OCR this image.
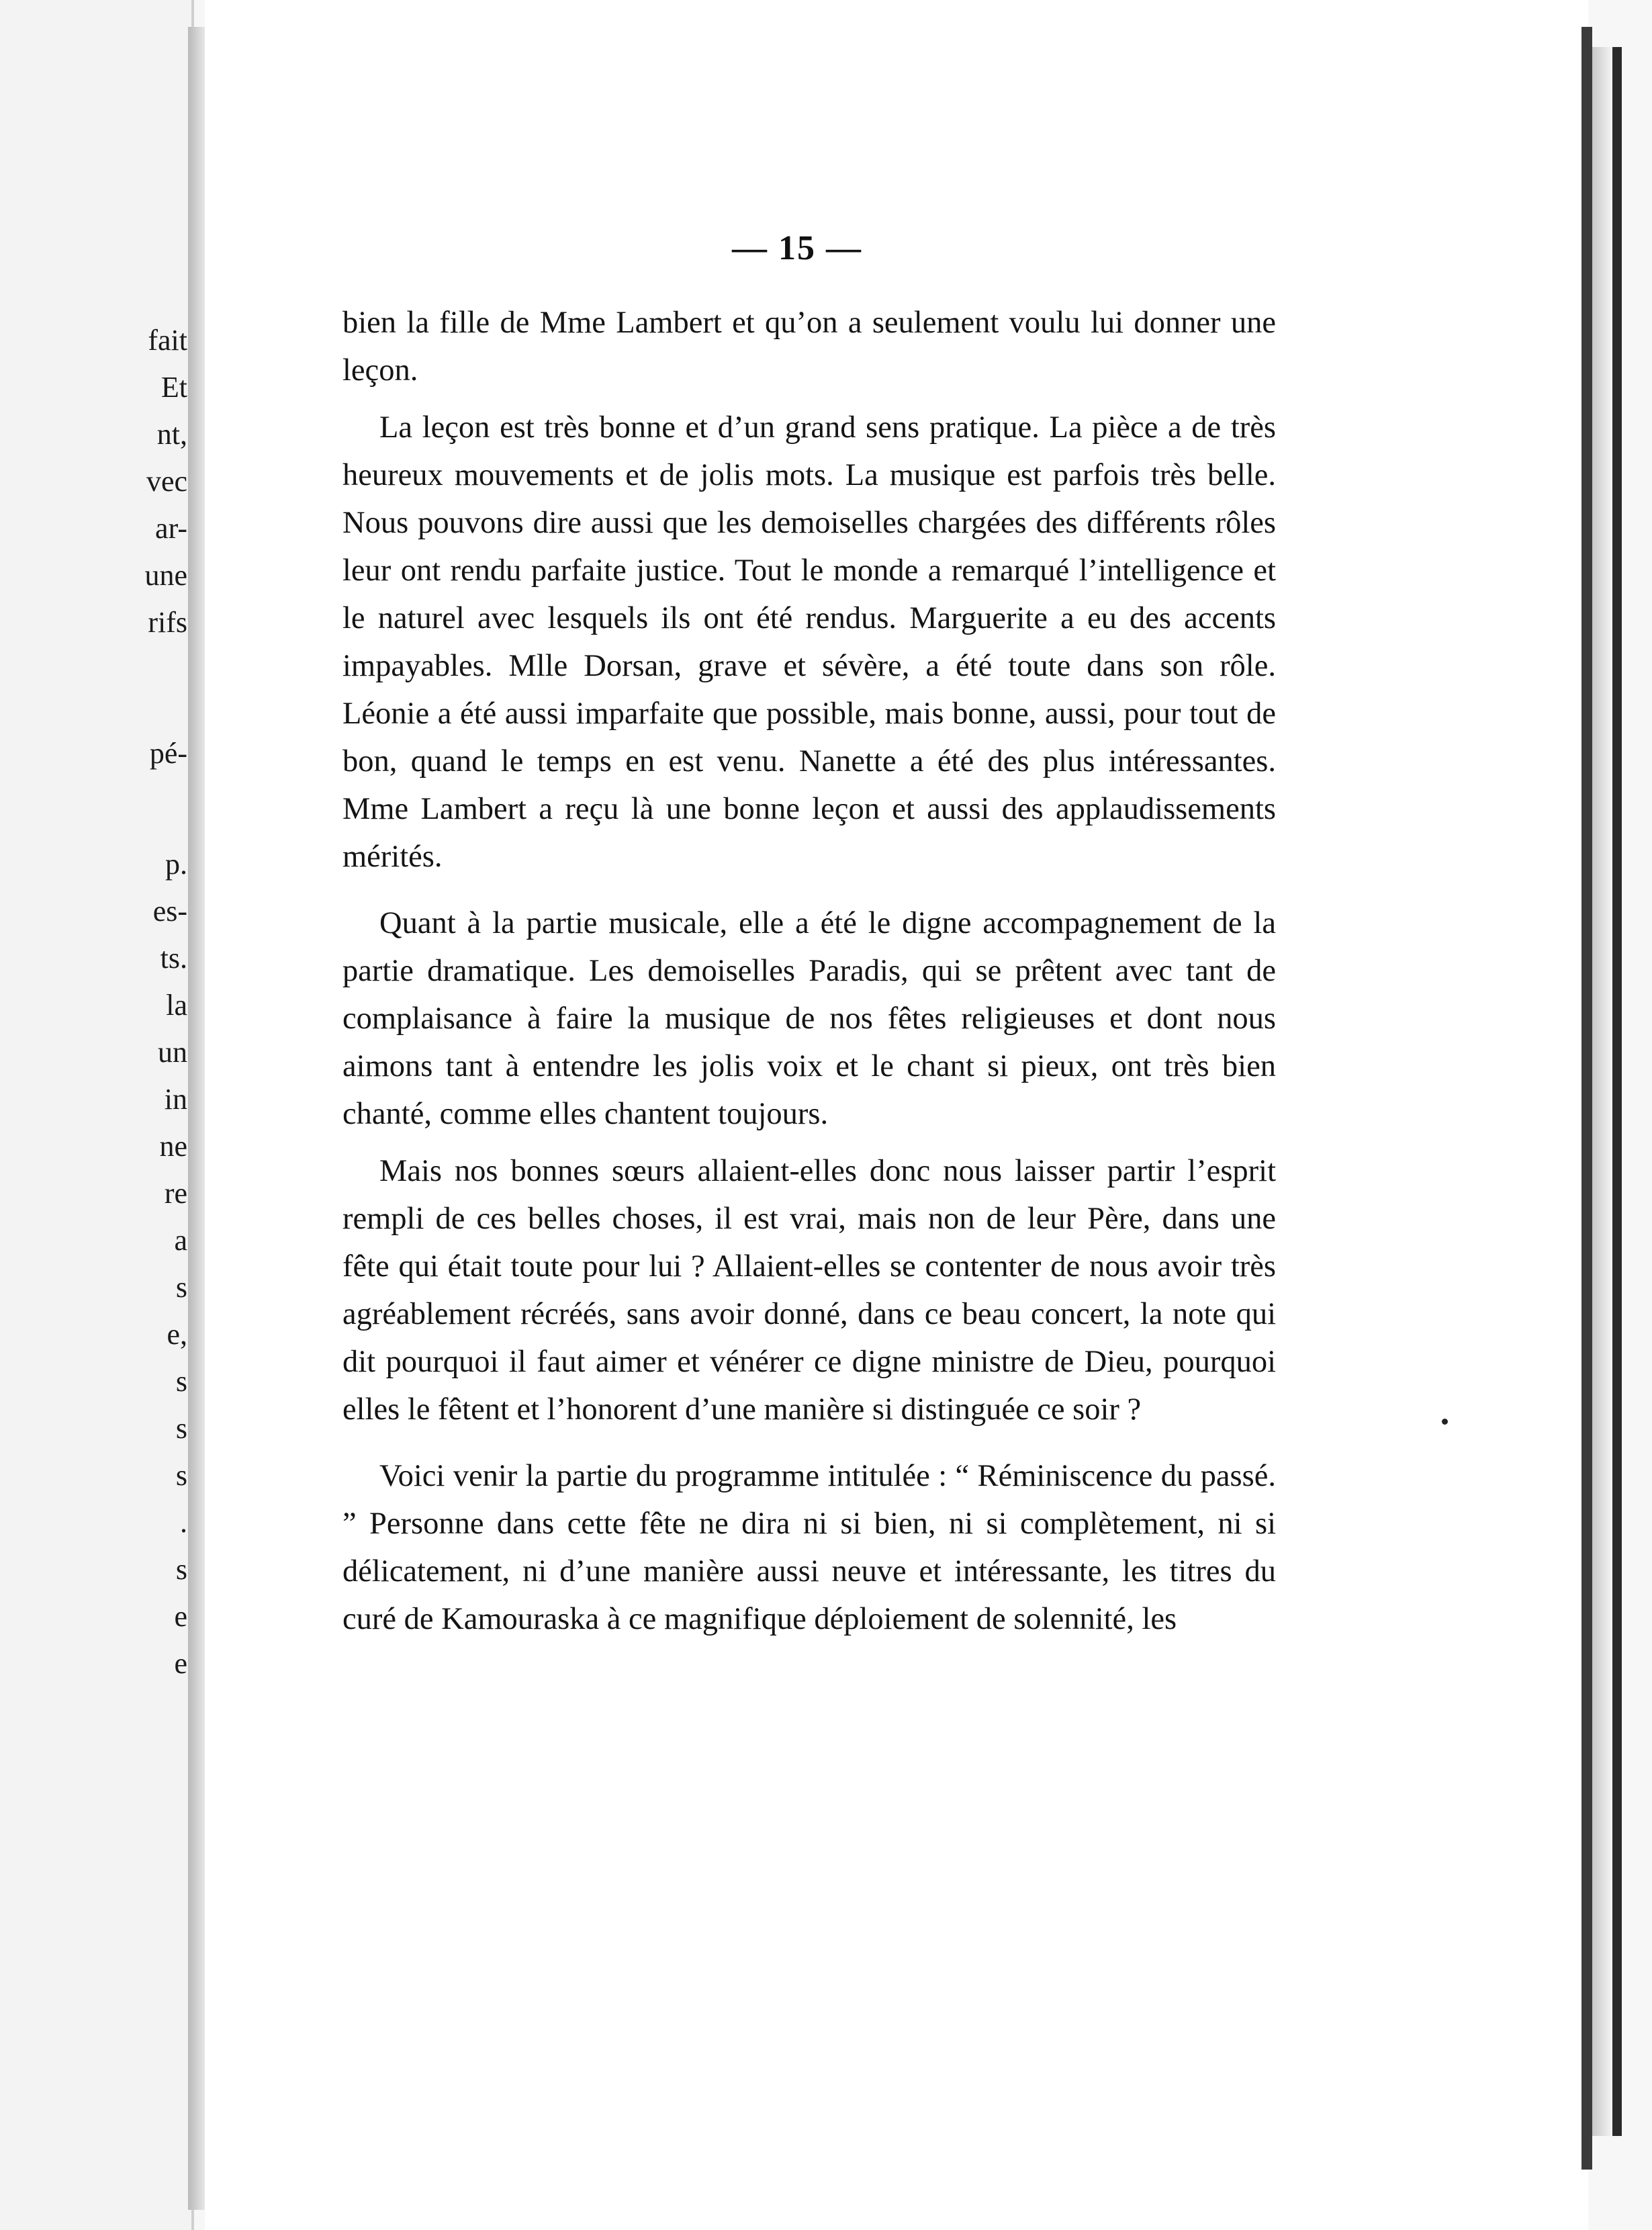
fait
Et
nt,
vec
ar-
une
rifs
pé-
p.
es-
ts.
la
un
in
ne
re
a
s
e,
s
s
s
.
s
e
e
— 15 —

bien la fille de Mme Lambert et qu’on a seulement voulu lui donner une leçon.

La leçon est très bonne et d’un grand sens pratique. La pièce a de très heureux mouvements et de jolis mots. La musique est parfois très belle. Nous pouvons dire aussi que les demoiselles chargées des différents rôles leur ont rendu parfaite justice. Tout le monde a remarqué l’intelligence et le naturel avec lesquels ils ont été rendus. Marguerite a eu des accents impayables. Mlle Dorsan, grave et sévère, a été toute dans son rôle. Léonie a été aussi imparfaite que possible, mais bonne, aussi, pour tout de bon, quand le temps en est venu. Nanette a été des plus intéressantes. Mme Lambert a reçu là une bonne leçon et aussi des applaudissements mérités.

Quant à la partie musicale, elle a été le digne accompagnement de la partie dramatique. Les demoiselles Paradis, qui se prêtent avec tant de complaisance à faire la musique de nos fêtes religieuses et dont nous aimons tant à entendre les jolis voix et le chant si pieux, ont très bien chanté, comme elles chantent toujours.

Mais nos bonnes sœurs allaient-elles donc nous laisser partir l’esprit rempli de ces belles choses, il est vrai, mais non de leur Père, dans une fête qui était toute pour lui ? Allaient-elles se contenter de nous avoir très agréablement récréés, sans avoir donné, dans ce beau concert, la note qui dit pourquoi il faut aimer et vénérer ce digne ministre de Dieu, pourquoi elles le fêtent et l’honorent d’une manière si distinguée ce soir ?

Voici venir la partie du programme intitulée : “ Réminiscence du passé. ” Personne dans cette fête ne dira ni si bien, ni si complètement, ni si délicatement, ni d’une manière aussi neuve et intéressante, les titres du curé de Kamouraska à ce magnifique déploiement de solennité, les
